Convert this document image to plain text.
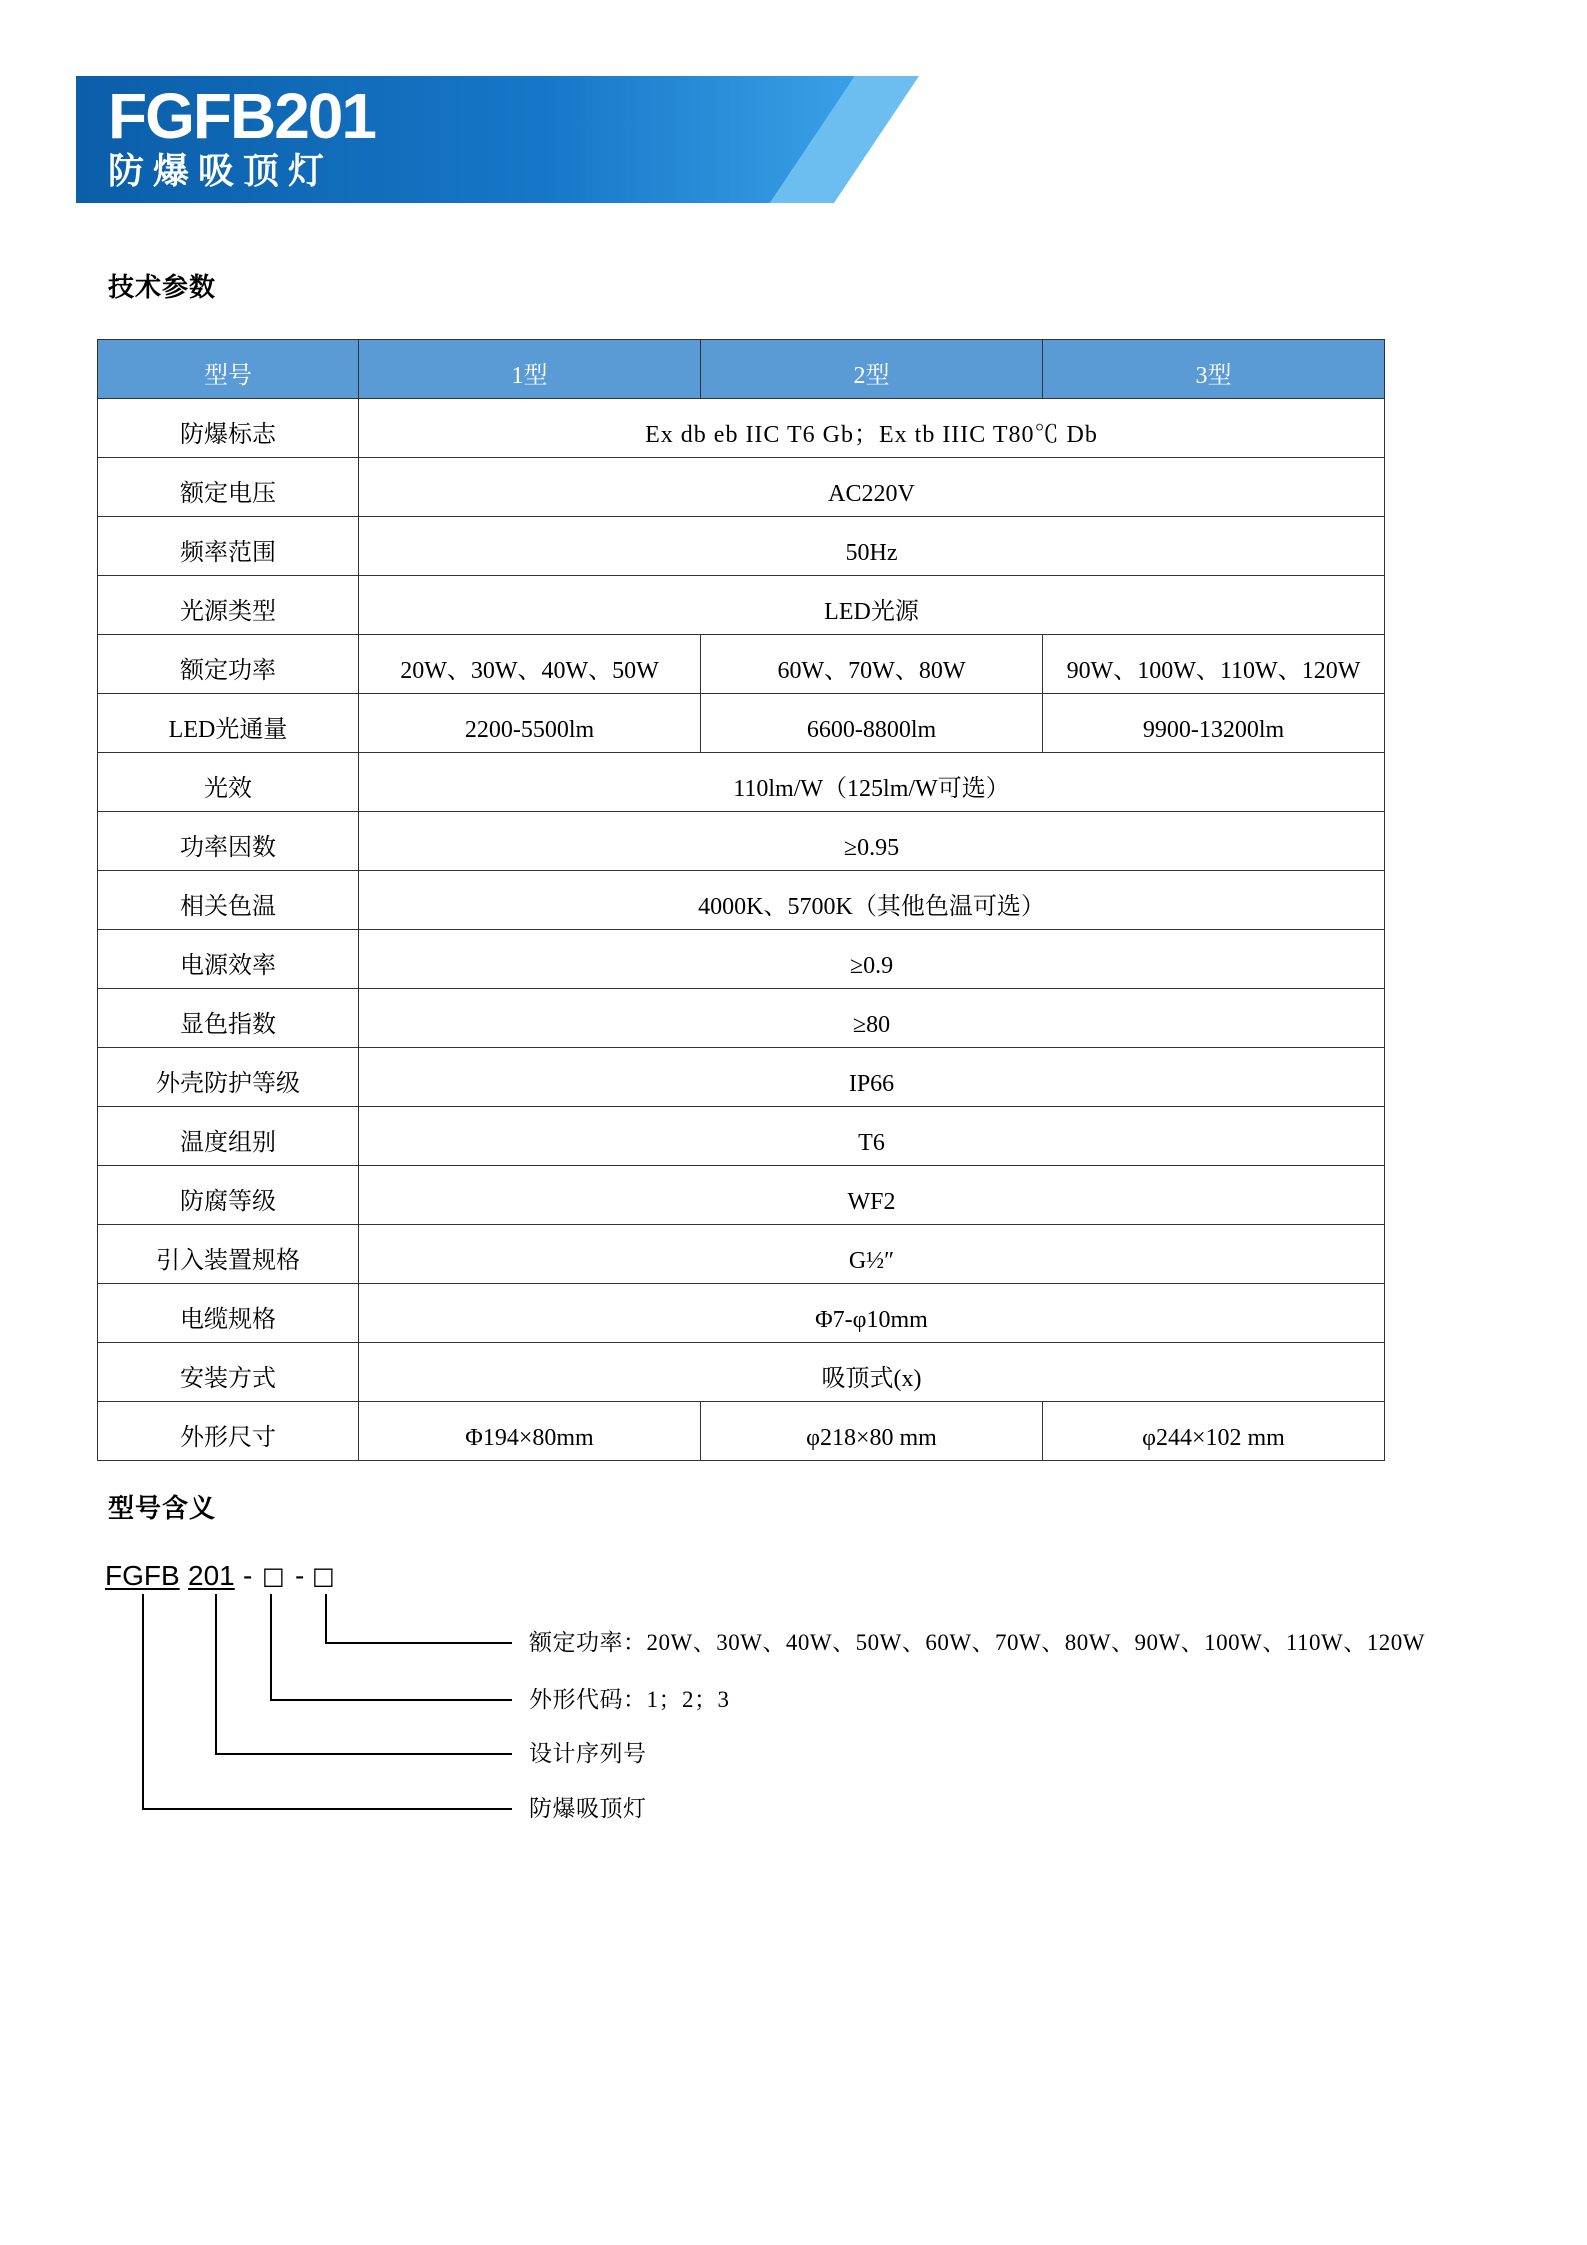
FGFB201
防爆吸顶灯
技术参数
型号	1型	2型	3型
防爆标志	Ex db eb IIC T6 Gb；Ex tb IIIC T80℃ Db		
额定电压	AC220V		
频率范围	50Hz		
光源类型	LED光源		
额定功率	20W、30W、40W、50W	60W、70W、80W	90W、100W、110W、120W
LED光通量	2200-5500lm	6600-8800lm	9900-13200lm
光效	110lm/W（125lm/W可选）		
功率因数	≥0.95		
相关色温	4000K、5700K（其他色温可选）		
电源效率	≥0.9		
显色指数	≥80		
外壳防护等级	IP66		
温度组别	T6		
防腐等级	WF2		
引入装置规格	G½″		
电缆规格	Φ7-φ10mm		
安装方式	吸顶式(x)		
外形尺寸	Φ194×80mm	φ218×80 mm	φ244×102 mm
型号含义
FGFB 201 - □ - □
额定功率：20W、30W、40W、50W、60W、70W、80W、90W、100W、110W、120W
外形代码：1；2；3
设计序列号
防爆吸顶灯
